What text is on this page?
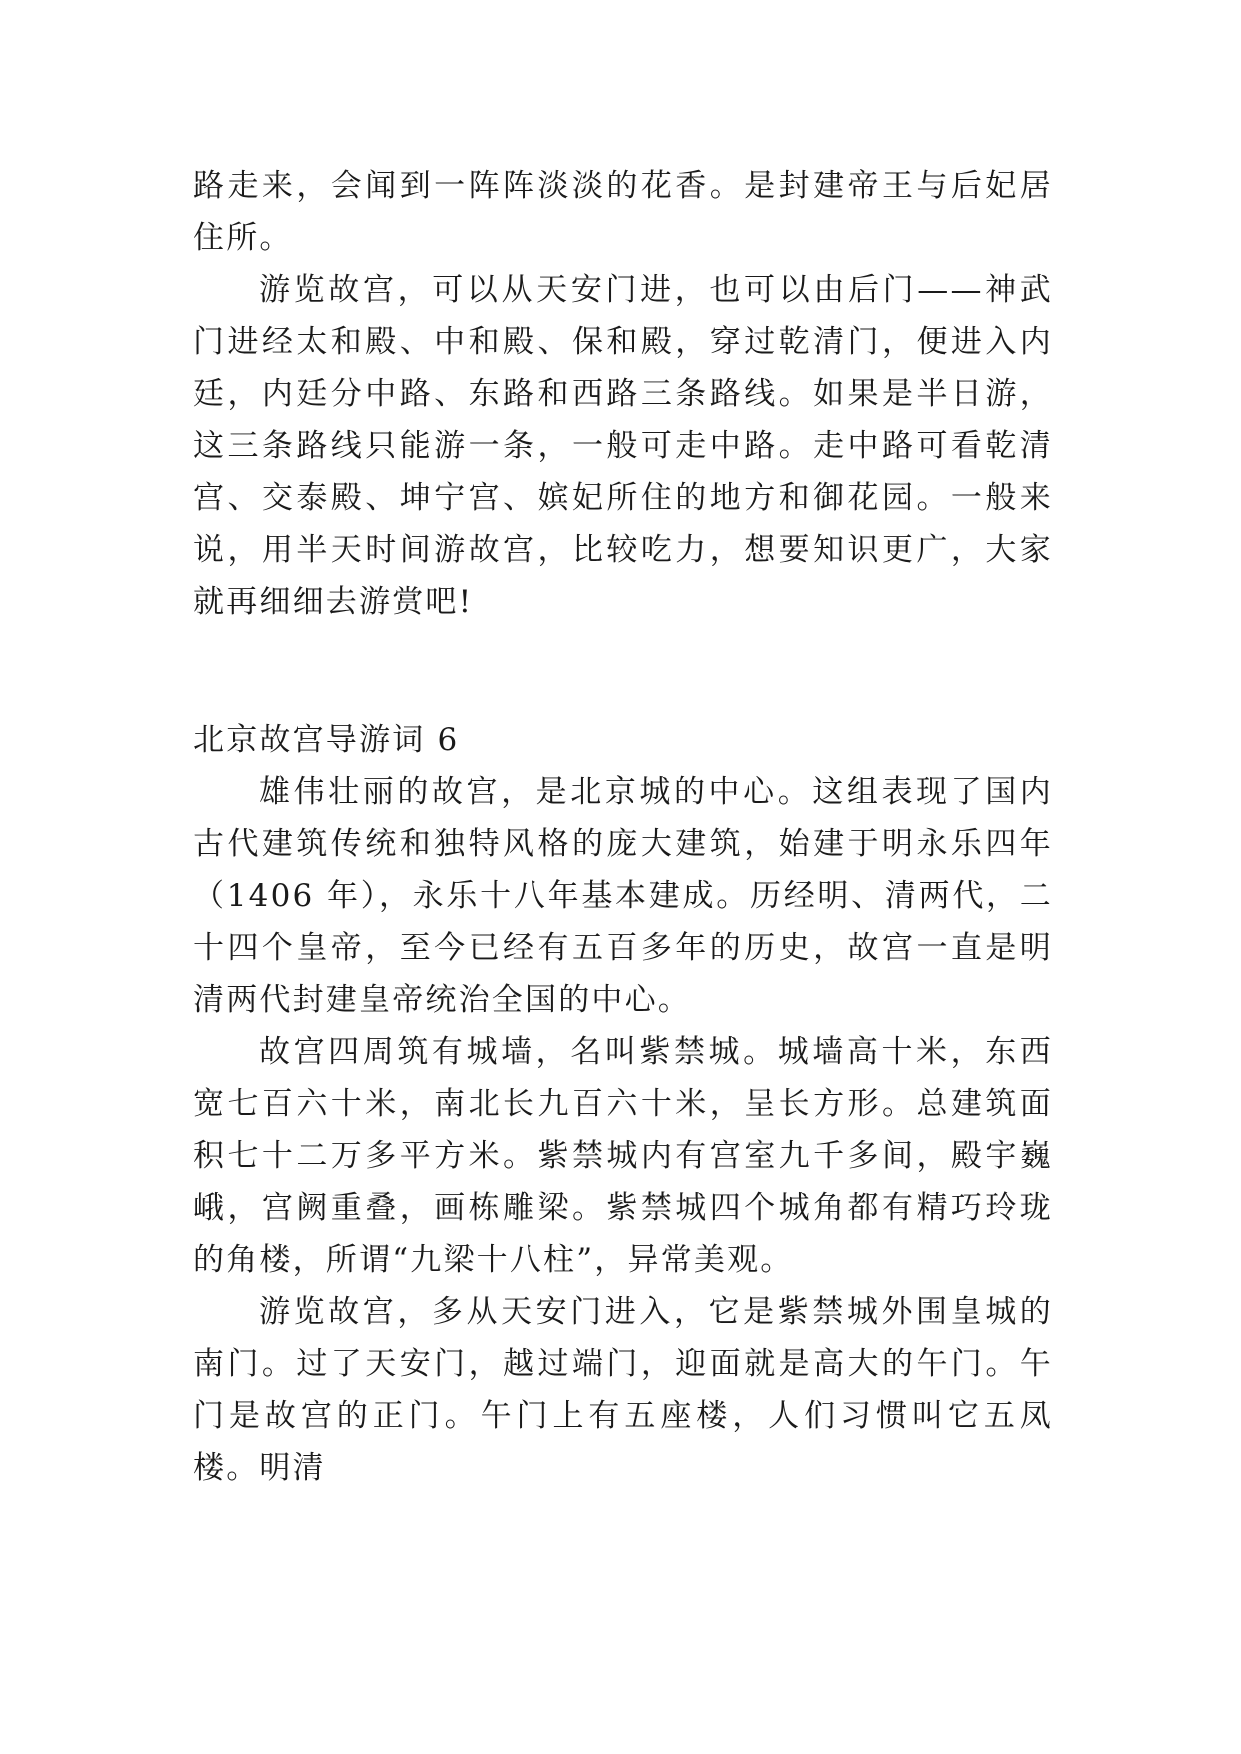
路走来，会闻到一阵阵淡淡的花香。是封建帝王与后妃居住所。

游览故宫，可以从天安门进，也可以由后门——神武门进经太和殿、中和殿、保和殿，穿过乾清门，便进入内廷，内廷分中路、东路和西路三条路线。如果是半日游，这三条路线只能游一条，一般可走中路。走中路可看乾清宫、交泰殿、坤宁宫、嫔妃所住的地方和御花园。一般来说，用半天时间游故宫，比较吃力，想要知识更广，大家就再细细去游赏吧!

北京故宫导游词 6

雄伟壮丽的故宫，是北京城的中心。这组表现了国内古代建筑传统和独特风格的庞大建筑，始建于明永乐四年（1406 年），永乐十八年基本建成。历经明、清两代，二十四个皇帝，至今已经有五百多年的历史，故宫一直是明清两代封建皇帝统治全国的中心。

故宫四周筑有城墙，名叫紫禁城。城墙高十米，东西宽七百六十米，南北长九百六十米，呈长方形。总建筑面积七十二万多平方米。紫禁城内有宫室九千多间，殿宇巍峨，宫阙重叠，画栋雕梁。紫禁城四个城角都有精巧玲珑的角楼，所谓“九梁十八柱”，异常美观。

游览故宫，多从天安门进入，它是紫禁城外围皇城的南门。过了天安门，越过端门，迎面就是高大的午门。午门是故宫的正门。午门上有五座楼，人们习惯叫它五凤楼。明清
